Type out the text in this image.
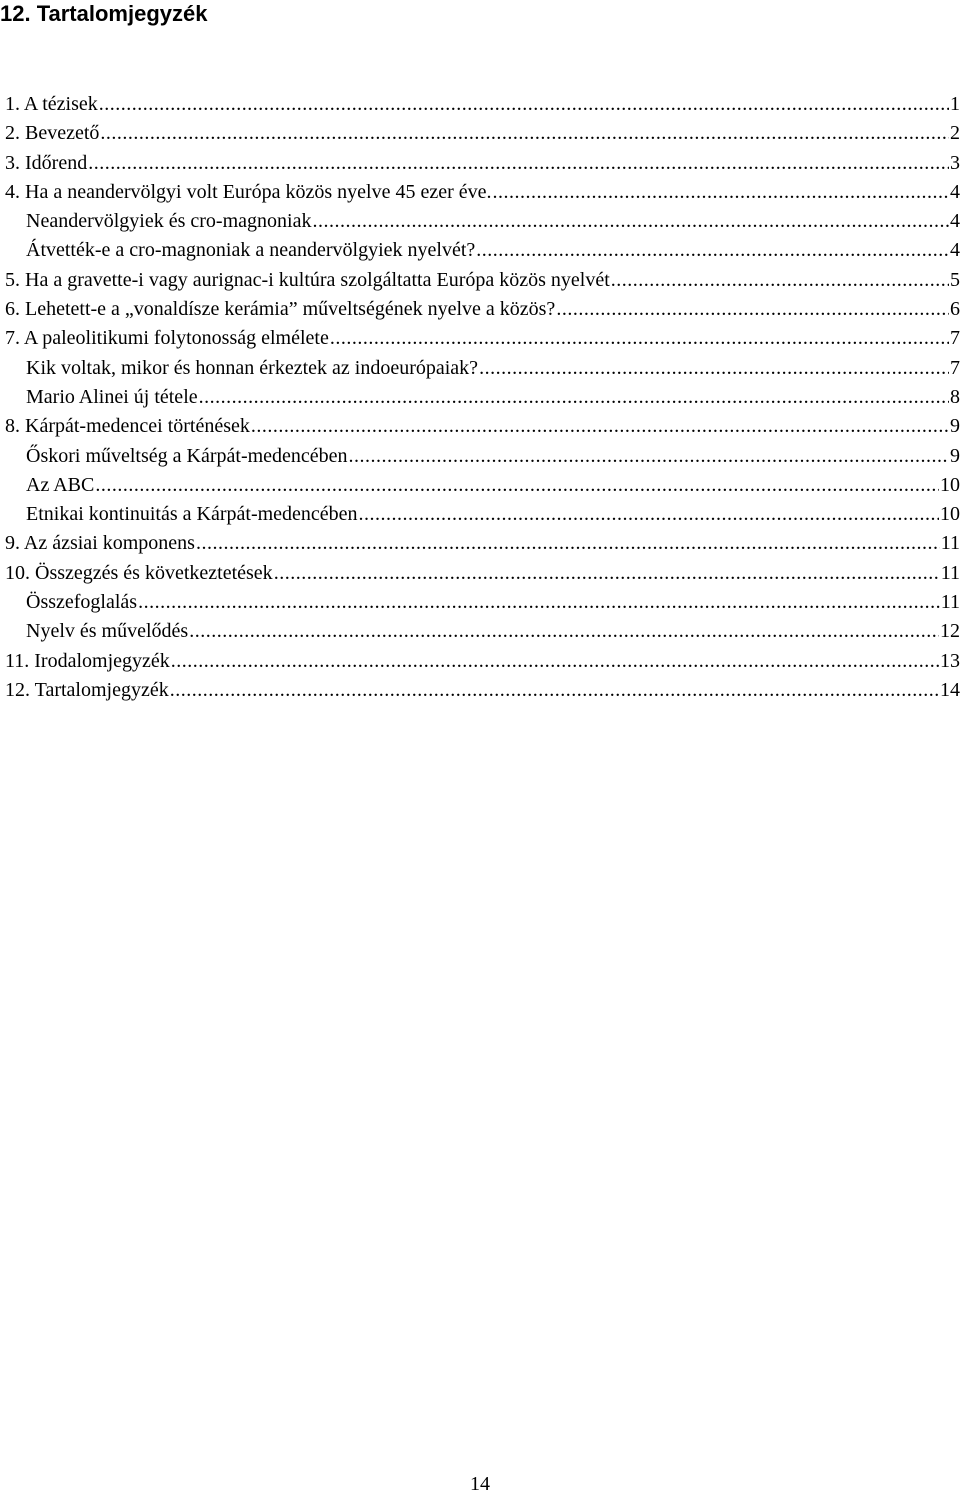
12. Tartalomjegyzék
1. A tézisek .....	1
2. Bevezető .....	2
3. Időrend .....	3
4. Ha a neandervölgyi volt Európa közös nyelve 45 ezer éve. .....	4
Neandervölgyiek és cro-magnoniak .....	4
Átvették-e a cro-magnoniak a neandervölgyiek nyelvét? .....	4
5. Ha a gravette-i vagy aurignac-i kultúra szolgáltatta Európa közös nyelvét .....	5
6. Lehetett-e a „vonaldísze kerámia” műveltségének nyelve a közös? .....	6
7. A paleolitikumi folytonosság elmélete .....	7
Kik voltak, mikor és honnan érkeztek az indoeurópaiak? .....	7
Mario Alinei új tétele .....	8
8. Kárpát-medencei történések .....	9
Őskori műveltség a Kárpát-medencében .....	9
Az ABC .....	10
Etnikai kontinuitás a Kárpát-medencében .....	10
9. Az ázsiai komponens .....	11
10. Összegzés és következtetések .....	11
Összefoglalás .....	11
Nyelv és művelődés .....	12
11. Irodalomjegyzék .....	13
12. Tartalomjegyzék .....	14
14
